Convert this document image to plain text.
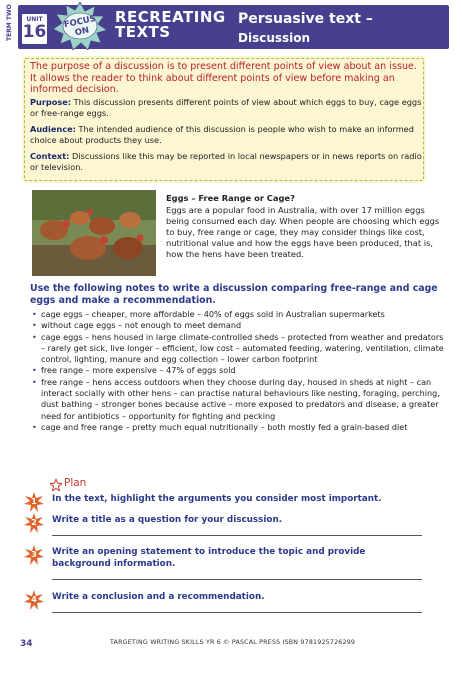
TERM TWO	UNIT
16	FOCUS ON
RECREATING TEXTS
Persuasive text –
Discussion
The purpose of a discussion is to present different points of view about an issue. It allows the reader to think about different points of view before making an informed decision.
Purpose: This discussion presents different points of view about which eggs to buy, cage eggs or free-range eggs.
Audience: The intended audience of this discussion is people who wish to make an informed choice about products they use.
Context: Discussions like this may be reported in local newspapers or in news reports on radio or television.
Eggs – Free Range or Cage?
Eggs are a popular food in Australia, with over 17 million eggs being consumed each day. When people are choosing which eggs to buy, free range or cage, they may consider things like cost, nutritional value and how the eggs have been produced, that is, how the hens have been treated.
Use the following notes to write a discussion comparing free-range and cage eggs and make a recommendation.
• cage eggs – cheaper, more affordable – 40% of eggs sold in Australian supermarkets
• without cage eggs – not enough to meet demand
• cage eggs – hens housed in large climate-controlled sheds – protected from weather and predators – rarely get sick, live longer – efficient, low cost – automated feeding, watering, ventilation, climate control, lighting, manure and egg collection – lower carbon footprint
• free range – more expensive – 47% of eggs sold
• free range – hens access outdoors when they choose during day, housed in sheds at night – can interact socially with other hens – can practise natural behaviours like nesting, foraging, perching, dust bathing – stronger bones because active – more exposed to predators and disease, a greater need for antibiotics – opportunity for fighting and pecking
• cage and free range – pretty much equal nutritionally – both mostly fed a grain-based diet
Plan
1	In the text, highlight the arguments you consider most important.
2	Write a title as a question for your discussion.
3	Write an opening statement to introduce the topic and provide background information.
4	Write a conclusion and a recommendation.
34	TARGETING WRITING SKILLS YR 6 © PASCAL PRESS ISBN 9781925726299
